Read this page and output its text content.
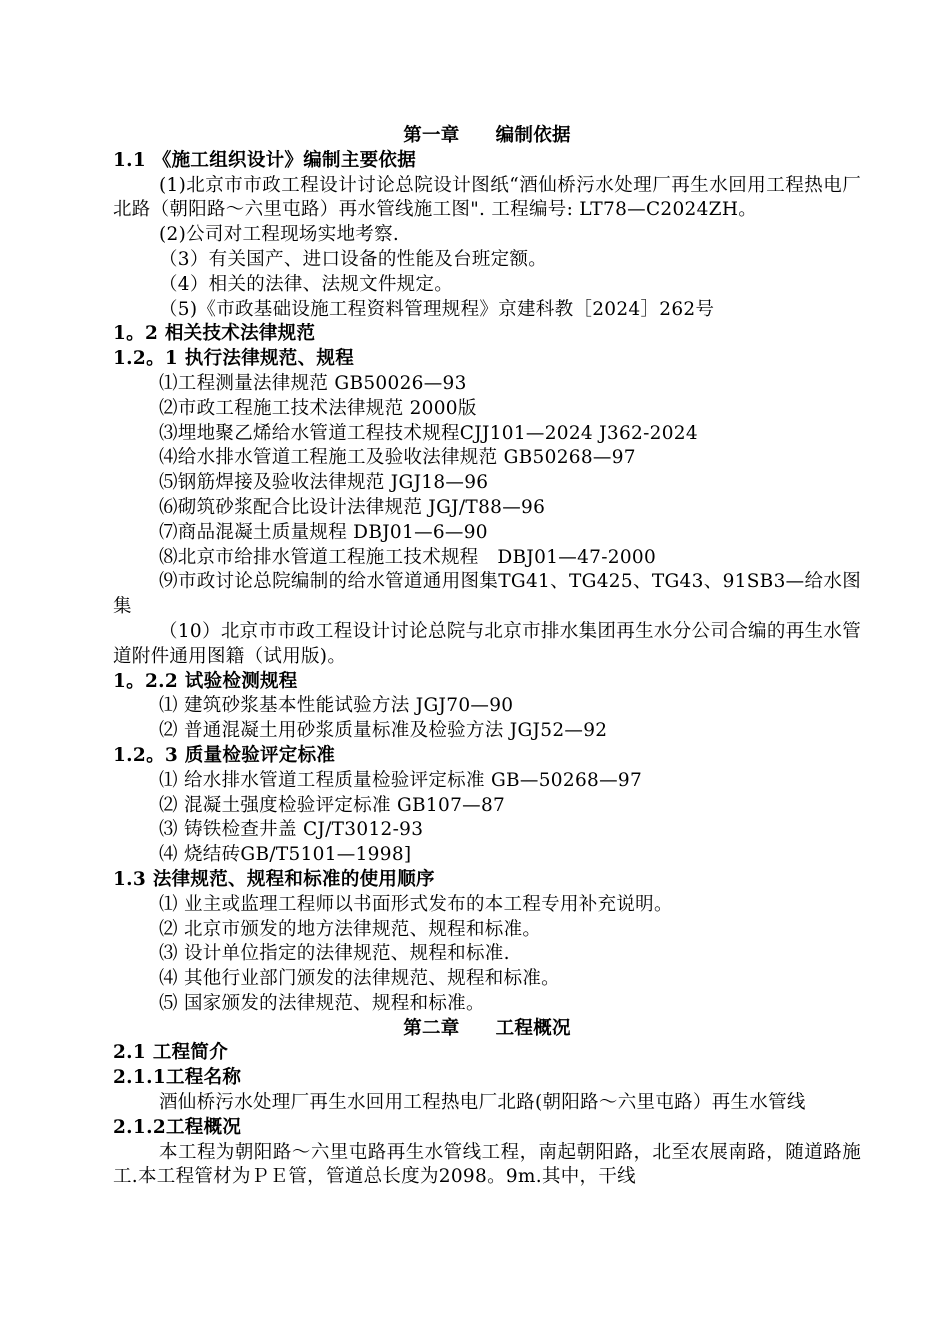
第一章 编制依据
1.1 《施工组织设计》编制主要依据
(1)北京市市政工程设计讨论总院设计图纸“酒仙桥污水处理厂再生水回用工程热电厂北路（朝阳路～六里屯路）再水管线施工图". 工程编号: LT78—C2024ZH。
(2)公司对工程现场实地考察.
（3）有关国产、进口设备的性能及台班定额。
（4）相关的法律、法规文件规定。
（5)《市政基础设施工程资料管理规程》京建科教［2024］262号
1。2 相关技术法律规范
1.2。1 执行法律规范、规程
⑴工程测量法律规范 GB50026—93
⑵市政工程施工技术法律规范 2000版
⑶埋地聚乙烯给水管道工程技术规程CJJ101—2024 J362-2024
⑷给水排水管道工程施工及验收法律规范 GB50268—97
⑸钢筋焊接及验收法律规范 JGJ18—96
⑹砌筑砂浆配合比设计法律规范 JGJ/T88—96
⑺商品混凝土质量规程 DBJ01—6—90
⑻北京市给排水管道工程施工技术规程　DBJ01—47-2000
⑼市政讨论总院编制的给水管道通用图集TG41、TG425、TG43、91SB3—给水图集
（10）北京市市政工程设计讨论总院与北京市排水集团再生水分公司合编的再生水管道附件通用图籍（试用版)。
1。2.2 试验检测规程
⑴ 建筑砂浆基本性能试验方法 JGJ70—90
⑵ 普通混凝土用砂浆质量标准及检验方法 JGJ52—92
1.2。3 质量检验评定标准
⑴ 给水排水管道工程质量检验评定标准 GB—50268—97
⑵ 混凝土强度检验评定标准 GB107—87
⑶ 铸铁检查井盖 CJ/T3012-93
⑷ 烧结砖GB/T5101—1998]
1.3 法律规范、规程和标准的使用顺序
⑴ 业主或监理工程师以书面形式发布的本工程专用补充说明。
⑵ 北京市颁发的地方法律规范、规程和标准。
⑶ 设计单位指定的法律规范、规程和标准.
⑷ 其他行业部门颁发的法律规范、规程和标准。
⑸ 国家颁发的法律规范、规程和标准。
第二章 工程概况
2.1 工程简介
2.1.1工程名称
酒仙桥污水处理厂再生水回用工程热电厂北路(朝阳路～六里屯路）再生水管线
2.1.2工程概况
本工程为朝阳路～六里屯路再生水管线工程，南起朝阳路，北至农展南路，随道路施工.本工程管材为ＰＥ管，管道总长度为2098。9m.其中，干线
